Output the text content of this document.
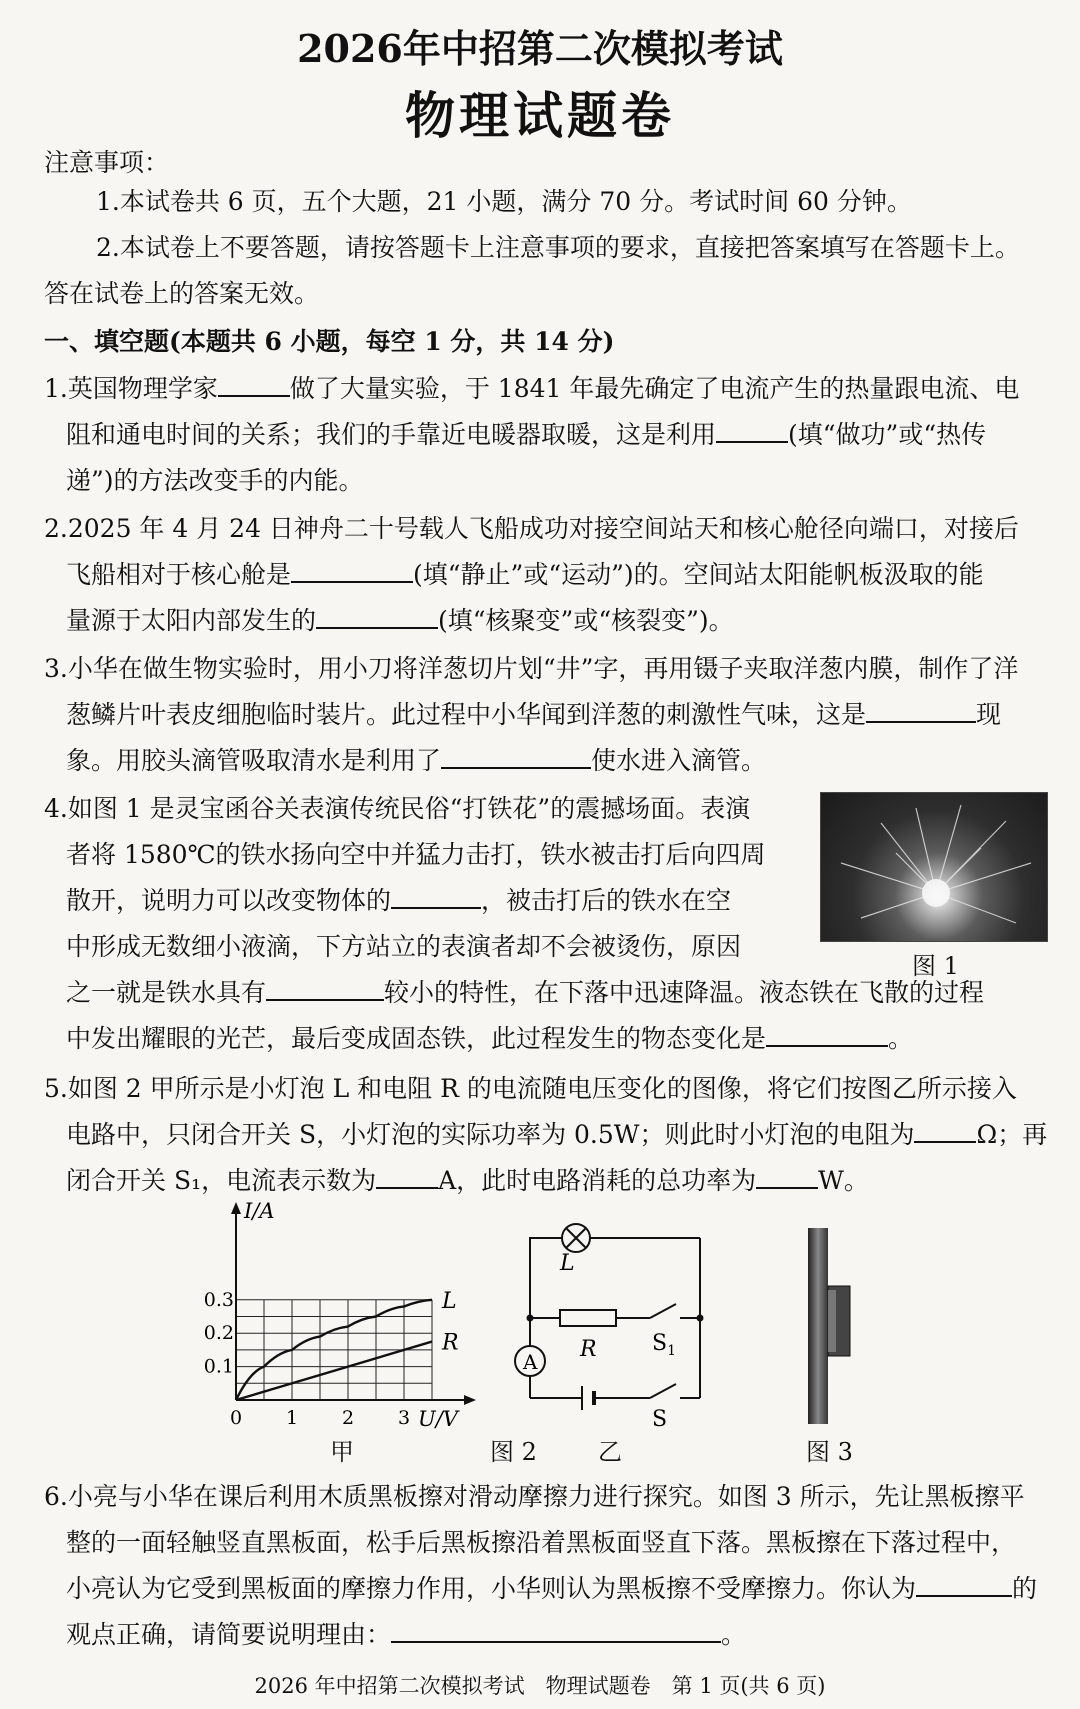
2026年中招第二次模拟考试
物理试题卷
注意事项：
1.本试卷共 6 页，五个大题，21 小题，满分 70 分。考试时间 60 分钟。
2.本试卷上不要答题，请按答题卡上注意事项的要求，直接把答案填写在答题卡上。
答在试卷上的答案无效。
一、填空题(本题共 6 小题，每空 1 分，共 14 分)
1.英国物理学家	做了大量实验，于 1841 年最先确定了电流产生的热量跟电流、电
阻和通电时间的关系；我们的手靠近电暖器取暖，这是利用	(填“做功”或“热传
递”)的方法改变手的内能。
2.2025 年 4 月 24 日神舟二十号载人飞船成功对接空间站天和核心舱径向端口，对接后
飞船相对于核心舱是	(填“静止”或“运动”)的。空间站太阳能帆板汲取的能
量源于太阳内部发生的	(填“核聚变”或“核裂变”)。
3.小华在做生物实验时，用小刀将洋葱切片划“井”字，再用镊子夹取洋葱内膜，制作了洋
葱鳞片叶表皮细胞临时装片。此过程中小华闻到洋葱的刺激性气味，这是	现
象。用胶头滴管吸取清水是利用了	使水进入滴管。
4.如图 1 是灵宝函谷关表演传统民俗“打铁花”的震撼场面。表演
者将 1580℃的铁水扬向空中并猛力击打，铁水被击打后向四周
散开，说明力可以改变物体的	，被击打后的铁水在空
中形成无数细小液滴，下方站立的表演者却不会被烫伤，原因
之一就是铁水具有	较小的特性，在下落中迅速降温。液态铁在飞散的过程
中发出耀眼的光芒，最后变成固态铁，此过程发生的物态变化是	。
图 1
5.如图 2 甲所示是小灯泡 L 和电阻 R 的电流随电压变化的图像，将它们按图乙所示接入
电路中，只闭合开关 S，小灯泡的实际功率为 0.5W；则此时小灯泡的电阻为 Ω；再
闭合开关 S₁，电流表示数为 A，此时电路消耗的总功率为 W。
L
R
0 1 2 3
0.1
0.2
0.3
I/A
U/V
甲
L
R
A
$S_1$
S
图 2	乙	图 3
6.小亮与小华在课后利用木质黑板擦对滑动摩擦力进行探究。如图 3 所示，先让黑板擦平
整的一面轻触竖直黑板面，松手后黑板擦沿着黑板面竖直下落。黑板擦在下落过程中，
小亮认为它受到黑板面的摩擦力作用，小华则认为黑板擦不受摩擦力。你认为	的
观点正确，请简要说明理由：	。
2026 年中招第二次模拟考试　物理试题卷　第 1 页(共 6 页)
